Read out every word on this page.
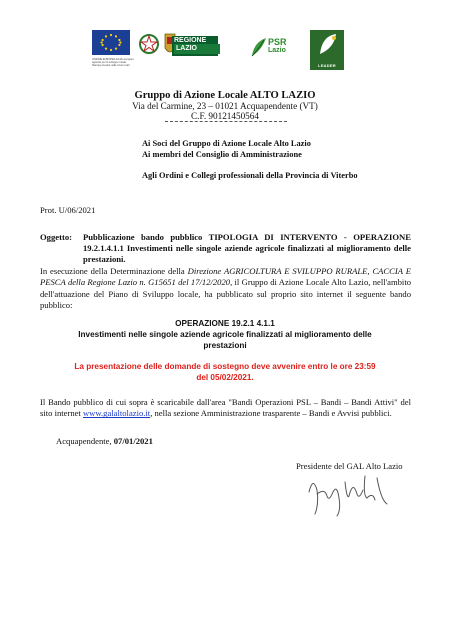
UNIONE EUROPEA Fondo europeo agricolo per lo sviluppo rurale: l'Europa investe nelle zone rurali
REGIONE
LAZIO
PSR
Lazio
LEADER
Gruppo di Azione Locale ALTO LAZIO
Via del Carmine, 23 – 01021 Acquapendente (VT)
C.F. 90121450564
Ai Soci del Gruppo di Azione Locale Alto Lazio
Ai membri del Consiglio di Amministrazione
Agli Ordini e Collegi professionali della Provincia di Viterbo
Prot. U/06/2021
Oggetto: Pubblicazione bando pubblico TIPOLOGIA DI INTERVENTO - OPERAZIONE 19.2.1.4.1.1 Investimenti nelle singole aziende agricole finalizzati al miglioramento delle prestazioni.
In esecuzione della Determinazione della Direzione AGRICOLTURA E SVILUPPO RURALE, CACCIA E PESCA della Regione Lazio n. G15651 del 17/12/2020, il Gruppo di Azione Locale Alto Lazio, nell'ambito dell'attuazione del Piano di Sviluppo locale, ha pubblicato sul proprio sito internet il seguente bando pubblico:
OPERAZIONE 19.2.1 4.1.1
Investimenti nelle singole aziende agricole finalizzati al miglioramento delle prestazioni
La presentazione delle domande di sostegno deve avvenire entro le ore 23:59 del 05/02/2021.
Il Bando pubblico di cui sopra è scaricabile dall'area "Bandi Operazioni PSL – Bandi – Bandi Attivi" del sito internet www.galaltolazio.it, nella sezione Amministrazione trasparente – Bandi e Avvisi pubblici.
Acquapendente, 07/01/2021
Presidente del GAL Alto Lazio
